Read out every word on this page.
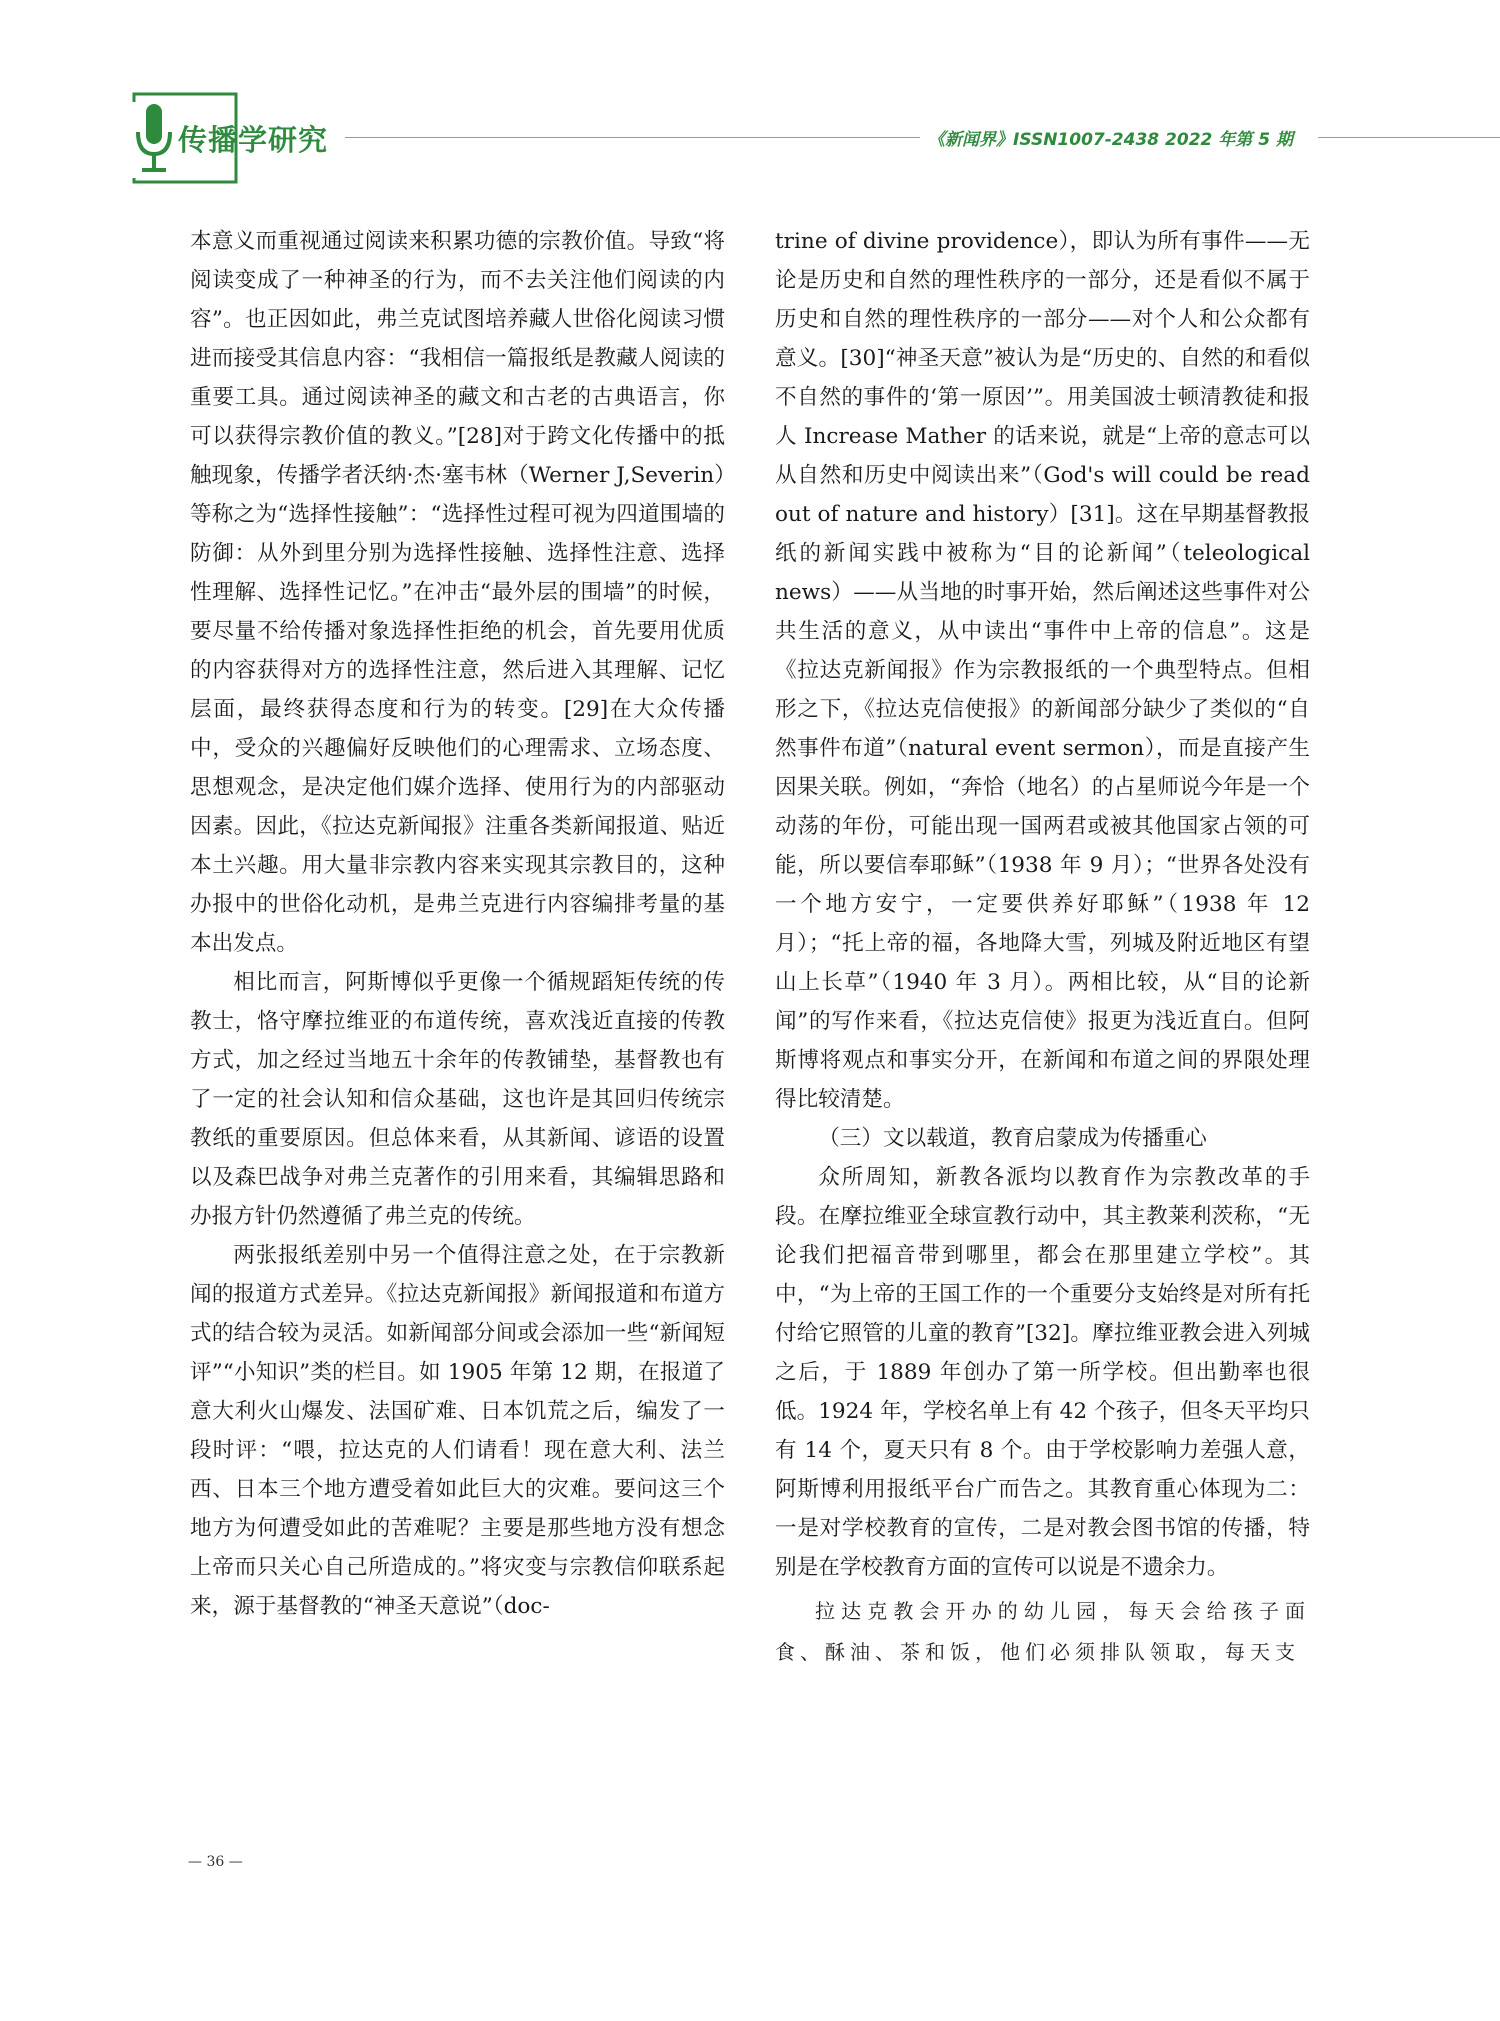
传播学研究	《新闻界》ISSN1007-2438 2022 年第 5 期

本意义而重视通过阅读来积累功德的宗教价值。导致“将阅读变成了一种神圣的行为，而不去关注他们阅读的内容”。也正因如此，弗兰克试图培养藏人世俗化阅读习惯进而接受其信息内容：“我相信一篇报纸是教藏人阅读的重要工具。通过阅读神圣的藏文和古老的古典语言，你可以获得宗教价值的教义。”[28]对于跨文化传播中的抵触现象，传播学者沃纳·杰·塞韦林（Werner J,Severin）等称之为“选择性接触”：“选择性过程可视为四道围墙的防御：从外到里分别为选择性接触、选择性注意、选择性理解、选择性记忆。”在冲击“最外层的围墙”的时候，要尽量不给传播对象选择性拒绝的机会，首先要用优质的内容获得对方的选择性注意，然后进入其理解、记忆层面，最终获得态度和行为的转变。[29]在大众传播中，受众的兴趣偏好反映他们的心理需求、立场态度、思想观念，是决定他们媒介选择、使用行为的内部驱动因素。因此，《拉达克新闻报》注重各类新闻报道、贴近本土兴趣。用大量非宗教内容来实现其宗教目的，这种办报中的世俗化动机，是弗兰克进行内容编排考量的基本出发点。

相比而言，阿斯博似乎更像一个循规蹈矩传统的传教士，恪守摩拉维亚的布道传统，喜欢浅近直接的传教方式，加之经过当地五十余年的传教铺垫，基督教也有了一定的社会认知和信众基础，这也许是其回归传统宗教纸的重要原因。但总体来看，从其新闻、谚语的设置以及森巴战争对弗兰克著作的引用来看，其编辑思路和办报方针仍然遵循了弗兰克的传统。

两张报纸差别中另一个值得注意之处，在于宗教新闻的报道方式差异。《拉达克新闻报》新闻报道和布道方式的结合较为灵活。如新闻部分间或会添加一些“新闻短评”“小知识”类的栏目。如 1905 年第 12 期，在报道了意大利火山爆发、法国矿难、日本饥荒之后，编发了一段时评：“喂，拉达克的人们请看！现在意大利、法兰西、日本三个地方遭受着如此巨大的灾难。要问这三个地方为何遭受如此的苦难呢？主要是那些地方没有想念上帝而只关心自己所造成的。”将灾变与宗教信仰联系起来，源于基督教的“神圣天意说”（doc-

trine of divine providence），即认为所有事件——无论是历史和自然的理性秩序的一部分，还是看似不属于历史和自然的理性秩序的一部分——对个人和公众都有意义。[30]“神圣天意”被认为是“历史的、自然的和看似不自然的事件的‘第一原因’”。用美国波士顿清教徒和报人 Increase Mather 的话来说，就是“上帝的意志可以从自然和历史中阅读出来”（God's will could be read out of nature and history）[31]。这在早期基督教报纸的新闻实践中被称为“目的论新闻”（teleological news）——从当地的时事开始，然后阐述这些事件对公共生活的意义，从中读出“事件中上帝的信息”。这是《拉达克新闻报》作为宗教报纸的一个典型特点。但相形之下，《拉达克信使报》的新闻部分缺少了类似的“自然事件布道”（natural event sermon），而是直接产生因果关联。例如，“奔恰（地名）的占星师说今年是一个动荡的年份，可能出现一国两君或被其他国家占领的可能，所以要信奉耶稣”（1938 年 9 月）；“世界各处没有一个地方安宁，一定要供养好耶稣”（1938 年 12 月）；“托上帝的福，各地降大雪，列城及附近地区有望山上长草”（1940 年 3 月）。两相比较，从“目的论新闻”的写作来看，《拉达克信使》报更为浅近直白。但阿斯博将观点和事实分开，在新闻和布道之间的界限处理得比较清楚。

（三）文以载道，教育启蒙成为传播重心

众所周知，新教各派均以教育作为宗教改革的手段。在摩拉维亚全球宣教行动中，其主教莱利茨称，“无论我们把福音带到哪里，都会在那里建立学校”。其中，“为上帝的王国工作的一个重要分支始终是对所有托付给它照管的儿童的教育”[32]。摩拉维亚教会进入列城之后，于 1889 年创办了第一所学校。但出勤率也很低。1924 年，学校名单上有 42 个孩子，但冬天平均只有 14 个，夏天只有 8 个。由于学校影响力差强人意，阿斯博利用报纸平台广而告之。其教育重心体现为二：一是对学校教育的宣传，二是对教会图书馆的传播，特别是在学校教育方面的宣传可以说是不遗余力。

拉达克教会开办的幼儿园，每天会给孩子面食、酥油、茶和饭，他们必须排队领取，每天支

— 36 —
